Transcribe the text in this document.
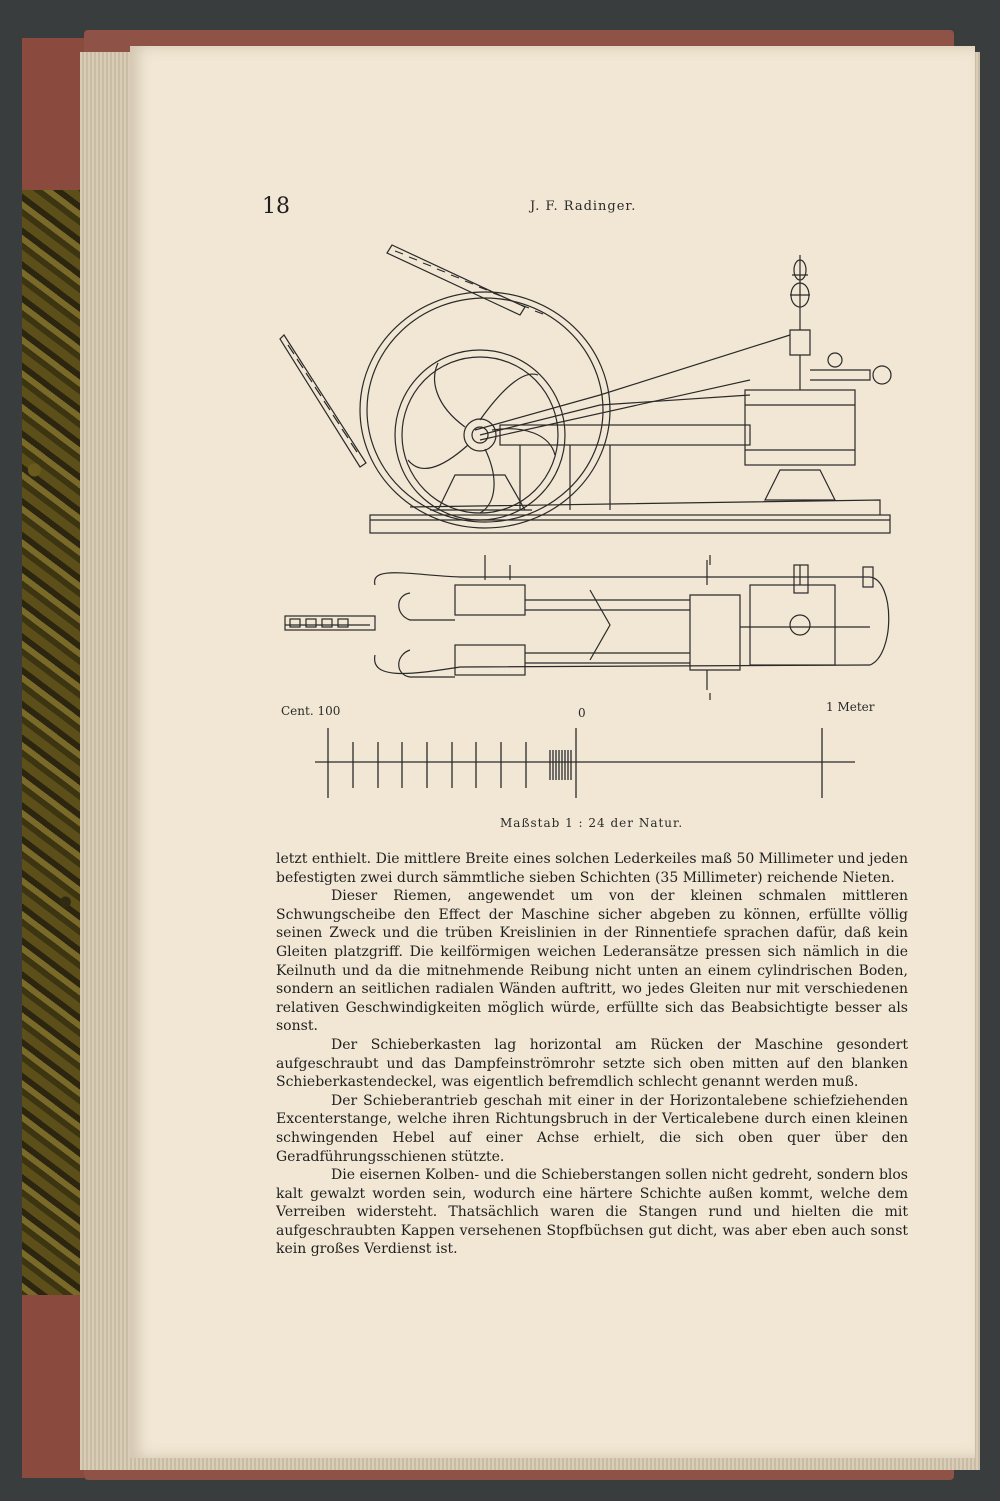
18	J. F. Radinger.
Cent. 100	0	1 Meter
Maßstab 1 : 24 der Natur.

letzt enthielt. Die mittlere Breite eines solchen Lederkeiles maß 50 Millimeter und jeden befestigten zwei durch sämmtliche sieben Schichten (35 Millimeter) reichende Nieten.

Dieser Riemen, angewendet um von der kleinen schmalen mittleren Schwungscheibe den Effect der Maschine sicher abgeben zu können, erfüllte völlig seinen Zweck und die trüben Kreislinien in der Rinnentiefe sprachen dafür, daß kein Gleiten platzgriff. Die keilförmigen weichen Lederansätze pressen sich nämlich in die Keilnuth und da die mitnehmende Reibung nicht unten an einem cylindrischen Boden, sondern an seitlichen radialen Wänden auftritt, wo jedes Gleiten nur mit verschiedenen relativen Geschwindigkeiten möglich würde, erfüllte sich das Beabsichtigte besser als sonst.

Der Schieberkasten lag horizontal am Rücken der Maschine gesondert aufgeschraubt und das Dampfeinströmrohr setzte sich oben mitten auf den blanken Schieberkastendeckel, was eigentlich befremdlich schlecht genannt werden muß.

Der Schieberantrieb geschah mit einer in der Horizontalebene schiefziehenden Excenterstange, welche ihren Richtungsbruch in der Verticalebene durch einen kleinen schwingenden Hebel auf einer Achse erhielt, die sich oben quer über den Geradführungsschienen stützte.

Die eisernen Kolben- und die Schieberstangen sollen nicht gedreht, sondern blos kalt gewalzt worden sein, wodurch eine härtere Schichte außen kommt, welche dem Verreiben widersteht. Thatsächlich waren die Stangen rund und hielten die mit aufgeschraubten Kappen versehenen Stopfbüchsen gut dicht, was aber eben auch sonst kein großes Verdienst ist.
